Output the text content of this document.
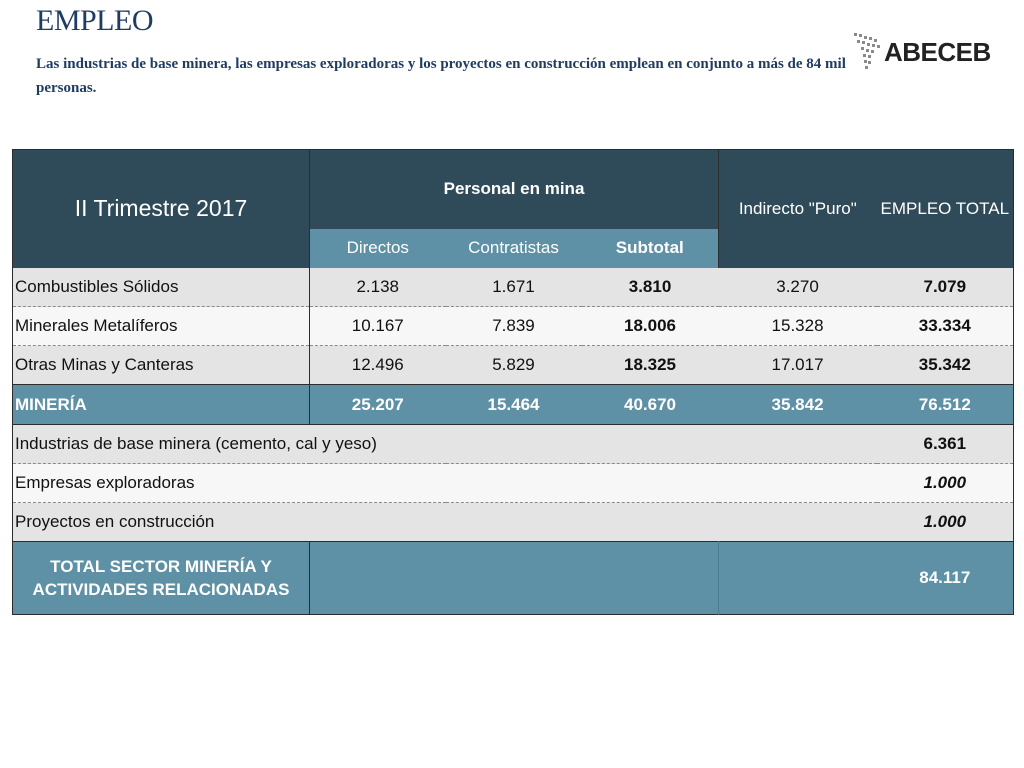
EMPLEO
Las industrias de base minera, las empresas exploradoras y los proyectos en construcción emplean en conjunto a más de 84 mil personas.
ABECEB
II Trimestre 2017	Personal en mina			Indirecto "Puro"	EMPLEO TOTAL
	Directos	Contratistas	Subtotal		
Combustibles Sólidos	2.138	1.671	3.810	3.270	7.079
Minerales Metalíferos	10.167	7.839	18.006	15.328	33.334
Otras Minas y Canteras	12.496	5.829	18.325	17.017	35.342
MINERÍA	25.207	15.464	40.670	35.842	76.512
Industrias de base minera (cemento, cal y yeso)					6.361
Empresas exploradoras					1.000
Proyectos en construcción					1.000

TOTAL SECTOR MINERÍA Y
ACTIVIDADES RELACIONADAS					84.117
